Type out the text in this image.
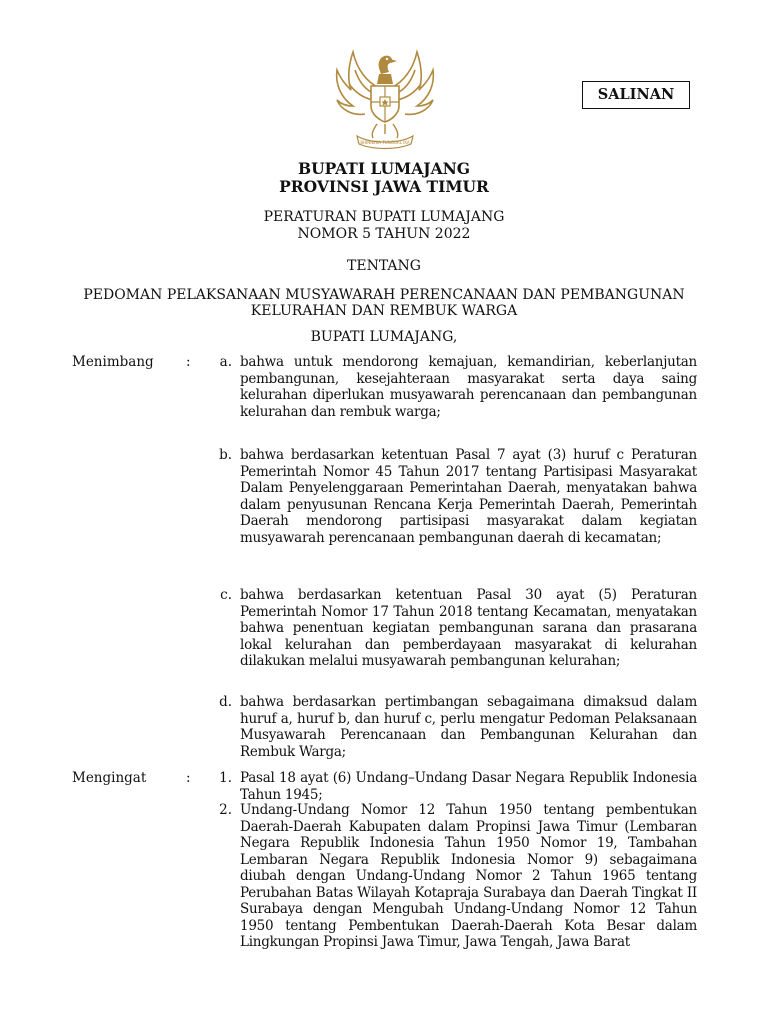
BHINNEKA TUNGGAL IKA
SALINAN
BUPATI LUMAJANG
PROVINSI JAWA TIMUR
PERATURAN BUPATI LUMAJANG
NOMOR 5 TAHUN 2022
TENTANG
PEDOMAN PELAKSANAAN MUSYAWARAH PERENCANAAN DAN PEMBANGUNAN
KELURAHAN DAN REMBUK WARGA
BUPATI LUMAJANG,
Menimbang :	a. bahwa untuk mendorong kemajuan, kemandirian, keberlanjutan pembangunan, kesejahteraan masyarakat serta daya saing kelurahan diperlukan musyawarah perencanaan dan pembangunan kelurahan dan rembuk warga;
b. bahwa berdasarkan ketentuan Pasal 7 ayat (3) huruf c Peraturan Pemerintah Nomor 45 Tahun 2017 tentang Partisipasi Masyarakat Dalam Penyelenggaraan Pemerintahan Daerah, menyatakan bahwa dalam penyusunan Rencana Kerja Pemerintah Daerah, Pemerintah Daerah mendorong partisipasi masyarakat dalam kegiatan musyawarah perencanaan pembangunan daerah di kecamatan;
c. bahwa berdasarkan ketentuan Pasal 30 ayat (5) Peraturan Pemerintah Nomor 17 Tahun 2018 tentang Kecamatan, menyatakan bahwa penentuan kegiatan pembangunan sarana dan prasarana lokal kelurahan dan pemberdayaan masyarakat di kelurahan dilakukan melalui musyawarah pembangunan kelurahan;
d. bahwa berdasarkan pertimbangan sebagaimana dimaksud dalam huruf a, huruf b, dan huruf c, perlu mengatur Pedoman Pelaksanaan Musyawarah Perencanaan dan Pembangunan Kelurahan dan Rembuk Warga;
Mengingat	:	1. Pasal 18 ayat (6) Undang–Undang Dasar Negara Republik Indonesia Tahun 1945;
2. Undang-Undang Nomor 12 Tahun 1950 tentang pembentukan Daerah-Daerah Kabupaten dalam Propinsi Jawa Timur (Lembaran Negara Republik Indonesia Tahun 1950 Nomor 19, Tambahan Lembaran Negara Republik Indonesia Nomor 9) sebagaimana diubah dengan Undang-Undang Nomor 2 Tahun 1965 tentang Perubahan Batas Wilayah Kotapraja Surabaya dan Daerah Tingkat II Surabaya dengan Mengubah Undang-Undang Nomor 12 Tahun 1950 tentang Pembentukan Daerah-Daerah Kota Besar dalam Lingkungan Propinsi Jawa Timur, Jawa Tengah, Jawa Barat
